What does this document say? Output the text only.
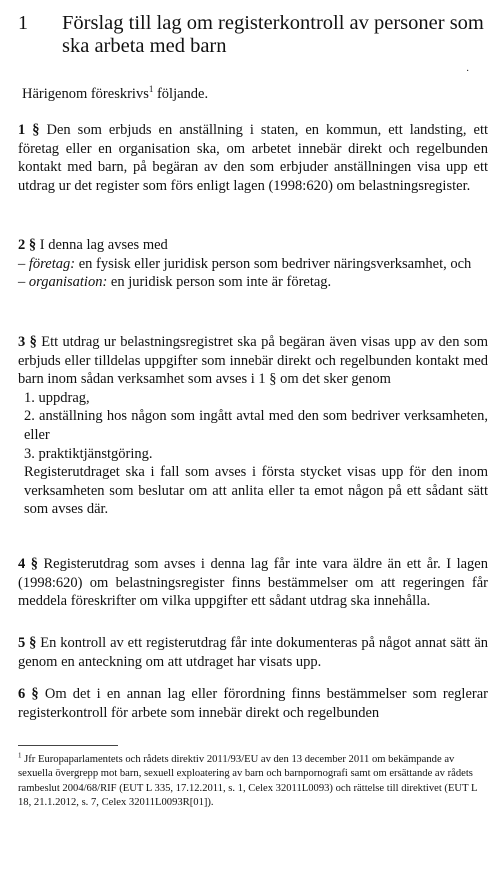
1 Förslag till lag om registerkontroll av personer som ska arbeta med barn
·
Härigenom föreskrivs$^1$ följande.
1 § Den som erbjuds en anställning i staten, en kommun, ett landsting, ett företag eller en organisation ska, om arbetet innebär direkt och regelbunden kontakt med barn, på begäran av den som erbjuder anställningen visa upp ett utdrag ur det register som förs enligt lagen (1998:620) om belastningsregister.
2 § I denna lag avses med
– företag: en fysisk eller juridisk person som bedriver näringsverksamhet, och
– organisation: en juridisk person som inte är företag.
3 § Ett utdrag ur belastningsregistret ska på begäran även visas upp av den som erbjuds eller tilldelas uppgifter som innebär direkt och regelbunden kontakt med barn inom sådan verksamhet som avses i 1 § om det sker genom
1. uppdrag,
2. anställning hos någon som ingått avtal med den som bedriver verksamheten, eller
3. praktiktjänstgöring.
Registerutdraget ska i fall som avses i första stycket visas upp för den inom verksamheten som beslutar om att anlita eller ta emot någon på ett sådant sätt som avses där.
4 § Registerutdrag som avses i denna lag får inte vara äldre än ett år. I lagen (1998:620) om belastningsregister finns bestämmelser om att regeringen får meddela föreskrifter om vilka uppgifter ett sådant utdrag ska innehålla.
5 § En kontroll av ett registerutdrag får inte dokumenteras på något annat sätt än genom en anteckning om att utdraget har visats upp.
6 § Om det i en annan lag eller förordning finns bestämmelser som reglerar registerkontroll för arbete som innebär direkt och regelbunden
$^1$ Jfr Europaparlamentets och rådets direktiv 2011/93/EU av den 13 december 2011 om bekämpande av sexuella övergrepp mot barn, sexuell exploatering av barn och barnpornografi samt om ersättande av rådets rambeslut 2004/68/RIF (EUT L 335, 17.12.2011, s. 1, Celex 32011L0093) och rättelse till direktivet (EUT L 18, 21.1.2012, s. 7, Celex 32011L0093R[01]).
